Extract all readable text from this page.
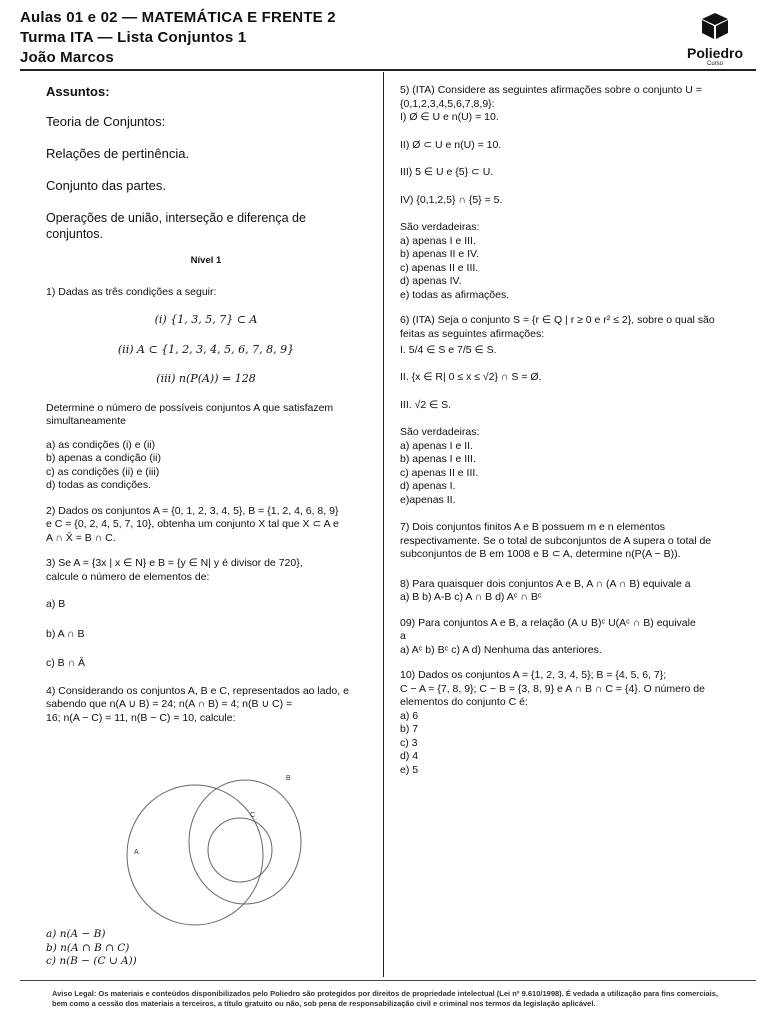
Aulas 01 e 02 — MATEMÁTICA E FRENTE 2
Turma ITA — Lista Conjuntos 1
João Marcos	Poliedro
Curso

Assuntos:

Teoria de Conjuntos:

Relações de pertinência.

Conjunto das partes.

Operações de união, interseção e diferença de conjuntos.

Nível 1

1) Dadas as três condições a seguir:

(i) {1, 3, 5, 7} ⊂ A

(ii) A ⊂ {1, 2, 3, 4, 5, 6, 7, 8, 9}

(iii) n(P(A)) = 128

Determine o número de possíveis conjuntos A que satisfazem simultaneamente

a) as condições (i) e (ii)

b) apenas a condição (ii)

c) as condições (ii) e (iii)

d) todas as condições.

2) Dados os conjuntos A = {0, 1, 2, 3, 4, 5}, B = {1, 2, 4, 6, 8, 9}

e C = {0, 2, 4, 5, 7, 10}, obtenha um conjunto X tal que X ⊂ A e

A ∩ X̄ = B ∩ C.

3) Se A = {3x | x ∈ N} e B = {y ∈ N| y é divisor de 720},

calcule o número de elementos de:

a) B

b) A ∩ B

c) B ∩ Ā

4) Considerando os conjuntos A, B e C, representados ao lado, e

sabendo que n(A ∪ B) = 24; n(A ∩ B) = 4; n(B ∪ C) =

16; n(A − C) = 11, n(B − C) = 10, calcule:

A
B
C

a) n(A − B)

b) n(A ∩ B ∩ C)

c) n(B − (C ∪ A))

5) (ITA) Considere as seguintes afirmações sobre o conjunto U =

{0,1,2,3,4,5,6,7,8,9}:

I) Ø ∈ U e n(U) = 10.

II) Ø ⊂ U e n(U) = 10.

III) 5 ∈ U e {5} ⊂ U.

IV) {0,1,2,5} ∩ {5} = 5.

São verdadeiras:

a) apenas I e III.

b) apenas II e IV.

c) apenas II e III.

d) apenas IV.

e) todas as afirmações.

6) (ITA) Seja o conjunto S = {r ∈ Q | r ≥ 0 e r² ≤ 2}, sobre o qual são

feitas as seguintes afirmações:

I. 5/4 ∈ S e 7/5 ∈ S.

II. {x ∈ R| 0 ≤ x ≤ √2} ∩ S = Ø.

III. √2 ∈ S.

São verdadeiras:

a) apenas I e II.

b) apenas I e III.

c) apenas II e III.

d) apenas I.

e)apenas II.

7) Dois conjuntos finitos A e B possuem m e n elementos

respectivamente. Se o total de subconjuntos de A supera o total de

subconjuntos de B em 1008 e B ⊂ A, determine n(P(A − B)).

8) Para quaisquer dois conjuntos A e B, A ∩ (A ∩ B) equivale a

a) B b) A-B c) A ∩ B d) Aᶜ ∩ Bᶜ

09) Para conjuntos A e B, a relação (A ∪ B)ᶜ U(Aᶜ ∩ B) equivale

a

a) Aᶜ b) Bᶜ c) A d) Nenhuma das anteriores.

10) Dados os conjuntos A = {1, 2, 3, 4, 5}; B = {4, 5, 6, 7};

C − A = {7, 8, 9}; C − B = {3, 8, 9} e A ∩ B ∩ C = {4}. O número de

elementos do conjunto C é:

a) 6

b) 7

c) 3

d) 4

e) 5

Aviso Legal: Os materiais e conteúdos disponibilizados pelo Poliedro são protegidos por direitos de propriedade intelectual (Lei nº 9.610/1998). É vedada a utilização para fins comerciais, bem como a cessão dos materiais a terceiros, a título gratuito ou não, sob pena de responsabilização civil e criminal nos termos da legislação aplicável.
